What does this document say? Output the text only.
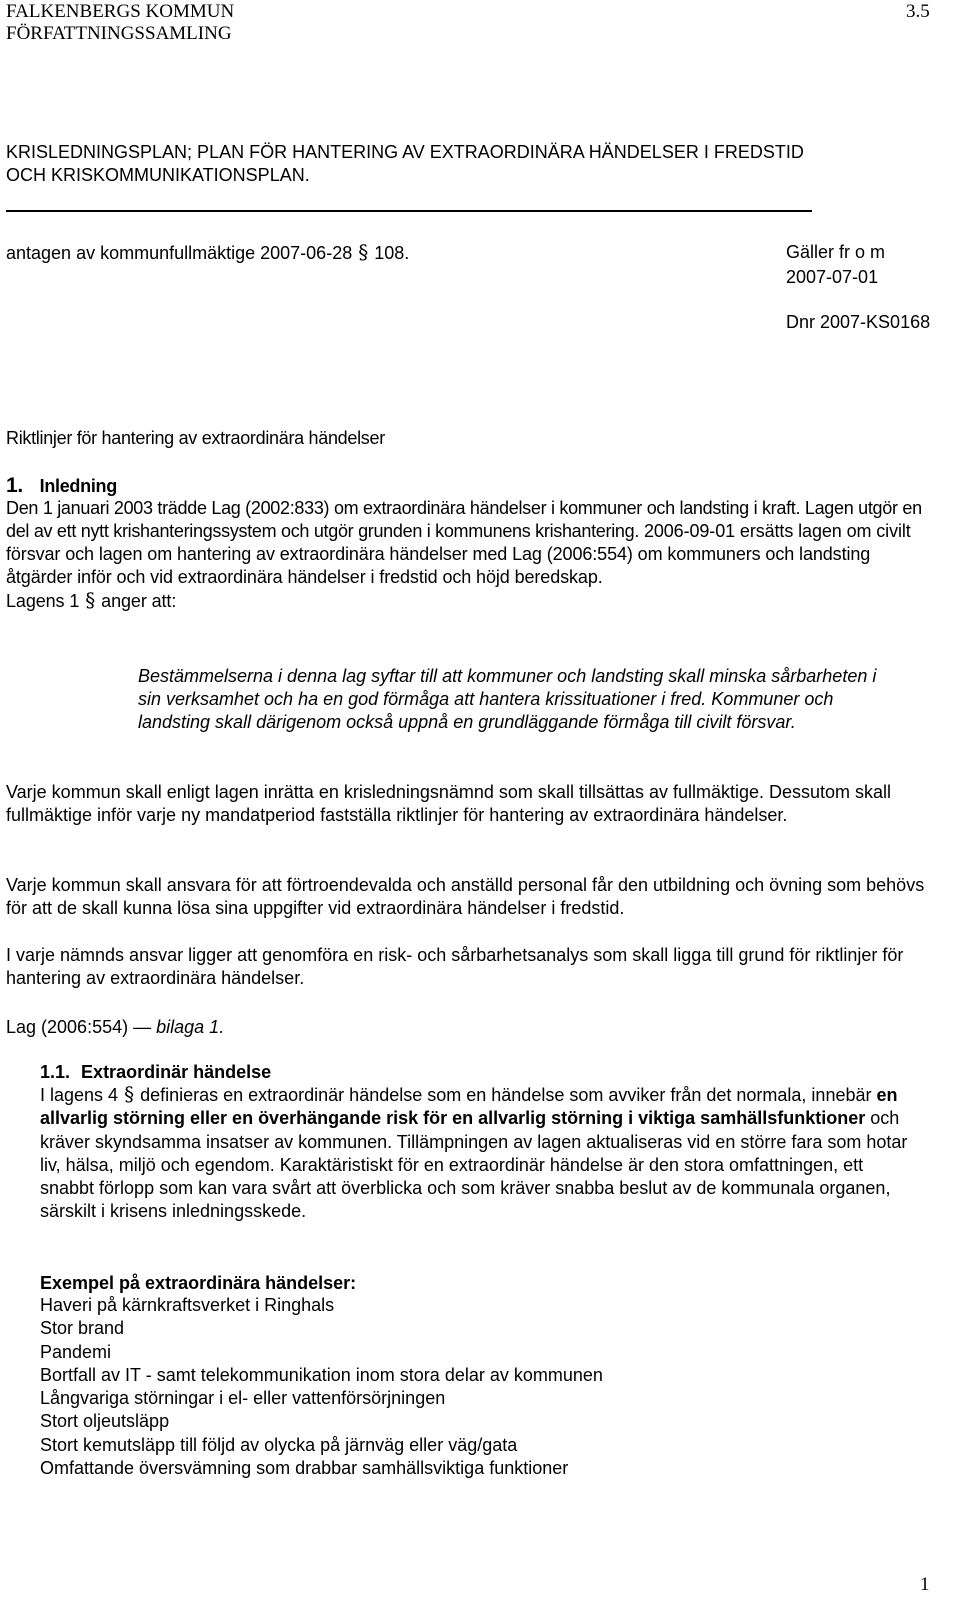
FALKENBERGS KOMMUN
FÖRFATTNINGSSAMLING
3.5
KRISLEDNINGSPLAN; PLAN FÖR HANTERING AV EXTRAORDINÄRA HÄNDELSER I FREDSTID
OCH KRISKOMMUNIKATIONSPLAN.
antagen av kommunfullmäktige 2007-06-28 § 108.	Gäller fr o m
2007-07-01
Dnr 2007-KS0168
Riktlinjer för hantering av extraordinära händelser
1. Inledning
Den 1 januari 2003 trädde Lag (2002:833) om extraordinära händelser i kommuner och landsting i kraft. Lagen utgör en del av ett nytt krishanteringssystem och utgör grunden i kommunens krishantering. 2006-09-01 ersätts lagen om civilt försvar och lagen om hantering av extraordinära händelser med Lag (2006:554) om kommuners och landsting åtgärder inför och vid extraordinära händelser i fredstid och höjd beredskap.
Lagens 1 § anger att:
Bestämmelserna i denna lag syftar till att kommuner och landsting skall minska sårbarheten i sin verksamhet och ha en god förmåga att hantera krissituationer i fred. Kommuner och landsting skall därigenom också uppnå en grundläggande förmåga till civilt försvar.
Varje kommun skall enligt lagen inrätta en krisledningsnämnd som skall tillsättas av fullmäktige. Dessutom skall fullmäktige inför varje ny mandatperiod fastställa riktlinjer för hantering av extraordinära händelser.
Varje kommun skall ansvara för att förtroendevalda och anställd personal får den utbildning och övning som behövs för att de skall kunna lösa sina uppgifter vid extraordinära händelser i fredstid.
I varje nämnds ansvar ligger att genomföra en risk- och sårbarhetsanalys som skall ligga till grund för riktlinjer för hantering av extraordinära händelser.
Lag (2006:554) — bilaga 1.
1.1. Extraordinär händelse
I lagens 4 § definieras en extraordinär händelse som en händelse som avviker från det normala, innebär en allvarlig störning eller en överhängande risk för en allvarlig störning i viktiga samhällsfunktioner och kräver skyndsamma insatser av kommunen. Tillämpningen av lagen aktualiseras vid en större fara som hotar liv, hälsa, miljö och egendom. Karaktäristiskt för en extraordinär händelse är den stora omfattningen, ett snabbt förlopp som kan vara svårt att överblicka och som kräver snabba beslut av de kommunala organen, särskilt i krisens inledningsskede.
Exempel på extraordinära händelser:
Haveri på kärnkraftsverket i Ringhals
Stor brand
Pandemi
Bortfall av IT - samt telekommunikation inom stora delar av kommunen
Långvariga störningar i el- eller vattenförsörjningen
Stort oljeutsläpp
Stort kemutsläpp till följd av olycka på järnväg eller väg/gata
Omfattande översvämning som drabbar samhällsviktiga funktioner
1
